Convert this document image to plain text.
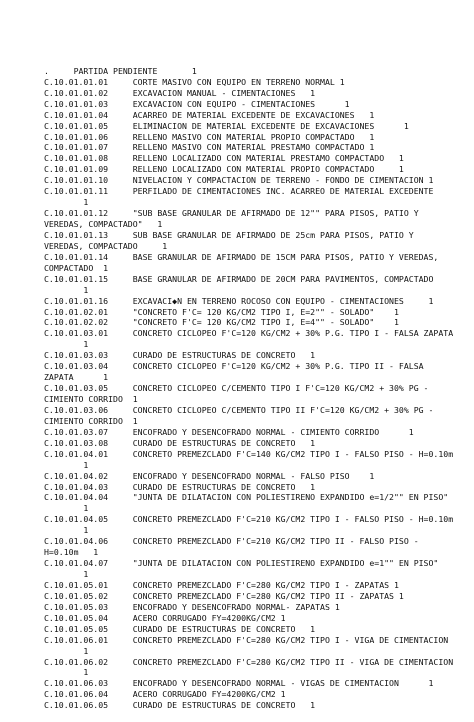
.     PARTIDA PENDIENTE       1
C.10.01.01.01     CORTE MASIVO CON EQUIPO EN TERRENO NORMAL 1
C.10.01.01.02     EXCAVACION MANUAL - CIMENTACIONES   1
C.10.01.01.03     EXCAVACION CON EQUIPO - CIMENTACIONES      1
C.10.01.01.04     ACARREO DE MATERIAL EXCEDENTE DE EXCAVACIONES   1
C.10.01.01.05     ELIMINACION DE MATERIAL EXCEDENTE DE EXCAVACIONES      1
C.10.01.01.06     RELLENO MASIVO CON MATERIAL PROPIO COMPACTADO   1
C.10.01.01.07     RELLENO MASIVO CON MATERIAL PRESTAMO COMPACTADO 1
C.10.01.01.08     RELLENO LOCALIZADO CON MATERIAL PRESTAMO COMPACTADO   1
C.10.01.01.09     RELLENO LOCALIZADO CON MATERIAL PROPIO COMPACTADO     1
C.10.01.01.10     NIVELACION Y COMPACTACION DE TERRENO - FONDO DE CIMENTACION 1
C.10.01.01.11     PERFILADO DE CIMENTACIONES INC. ACARREO DE MATERIAL EXCEDENTE
1
C.10.01.01.12     "SUB BASE GRANULAR DE AFIRMADO DE 12"" PARA PISOS, PATIO Y
VEREDAS, COMPACTADO"   1
C.10.01.01.13     SUB BASE GRANULAR DE AFIRMADO DE 25cm PARA PISOS, PATIO Y
VEREDAS, COMPACTADO     1
C.10.01.01.14     BASE GRANULAR DE AFIRMADO DE 15CM PARA PISOS, PATIO Y VEREDAS,
COMPACTADO  1
C.10.01.01.15     BASE GRANULAR DE AFIRMADO DE 20CM PARA PAVIMENTOS, COMPACTADO
1
C.10.01.01.16     EXCAVACI◆N EN TERRENO ROCOSO CON EQUIPO - CIMENTACIONES     1
C.10.01.02.01     "CONCRETO F'C= 120 KG/CM2 TIPO I, E=2"" - SOLADO"    1
C.10.01.02.02     "CONCRETO F'C= 120 KG/CM2 TIPO I, E=4"" - SOLADO"    1
C.10.01.03.01     CONCRETO CICLOPEO F'C=120 KG/CM2 + 30% P.G. TIPO I - FALSA ZAPATA
1
C.10.01.03.03     CURADO DE ESTRUCTURAS DE CONCRETO   1
C.10.01.03.04     CONCRETO CICLOPEO F'C=120 KG/CM2 + 30% P.G. TIPO II - FALSA
ZAPATA      1
C.10.01.03.05     CONCRETO CICLOPEO C/CEMENTO TIPO I F'C=120 KG/CM2 + 30% PG -
CIMIENTO CORRIDO  1
C.10.01.03.06     CONCRETO CICLOPEO C/CEMENTO TIPO II F'C=120 KG/CM2 + 30% PG -
CIMIENTO CORRIDO  1
C.10.01.03.07     ENCOFRADO Y DESENCOFRADO NORMAL - CIMIENTO CORRIDO      1
C.10.01.03.08     CURADO DE ESTRUCTURAS DE CONCRETO   1
C.10.01.04.01     CONCRETO PREMEZCLADO F'C=140 KG/CM2 TIPO I - FALSO PISO - H=0.10m
1
C.10.01.04.02     ENCOFRADO Y DESENCOFRADO NORMAL - FALSO PISO    1
C.10.01.04.03     CURADO DE ESTRUCTURAS DE CONCRETO   1
C.10.01.04.04     "JUNTA DE DILATACION CON POLIESTIRENO EXPANDIDO e=1/2"" EN PISO"
1
C.10.01.04.05     CONCRETO PREMEZCLADO F'C=210 KG/CM2 TIPO I - FALSO PISO - H=0.10m
1
C.10.01.04.06     CONCRETO PREMEZCLADO F'C=210 KG/CM2 TIPO II - FALSO PISO -
H=0.10m   1
C.10.01.04.07     "JUNTA DE DILATACION CON POLIESTIRENO EXPANDIDO e=1"" EN PISO"
1
C.10.01.05.01     CONCRETO PREMEZCLADO F'C=280 KG/CM2 TIPO I - ZAPATAS 1
C.10.01.05.02     CONCRETO PREMEZCLADO F'C=280 KG/CM2 TIPO II - ZAPATAS 1
C.10.01.05.03     ENCOFRADO Y DESENCOFRADO NORMAL- ZAPATAS 1
C.10.01.05.04     ACERO CORRUGADO FY=4200KG/CM2 1
C.10.01.05.05     CURADO DE ESTRUCTURAS DE CONCRETO   1
C.10.01.06.01     CONCRETO PREMEZCLADO F'C=280 KG/CM2 TIPO I - VIGA DE CIMENTACION
1
C.10.01.06.02     CONCRETO PREMEZCLADO F'C=280 KG/CM2 TIPO II - VIGA DE CIMENTACION
1
C.10.01.06.03     ENCOFRADO Y DESENCOFRADO NORMAL - VIGAS DE CIMENTACION      1
C.10.01.06.04     ACERO CORRUGADO FY=4200KG/CM2 1
C.10.01.06.05     CURADO DE ESTRUCTURAS DE CONCRETO   1
